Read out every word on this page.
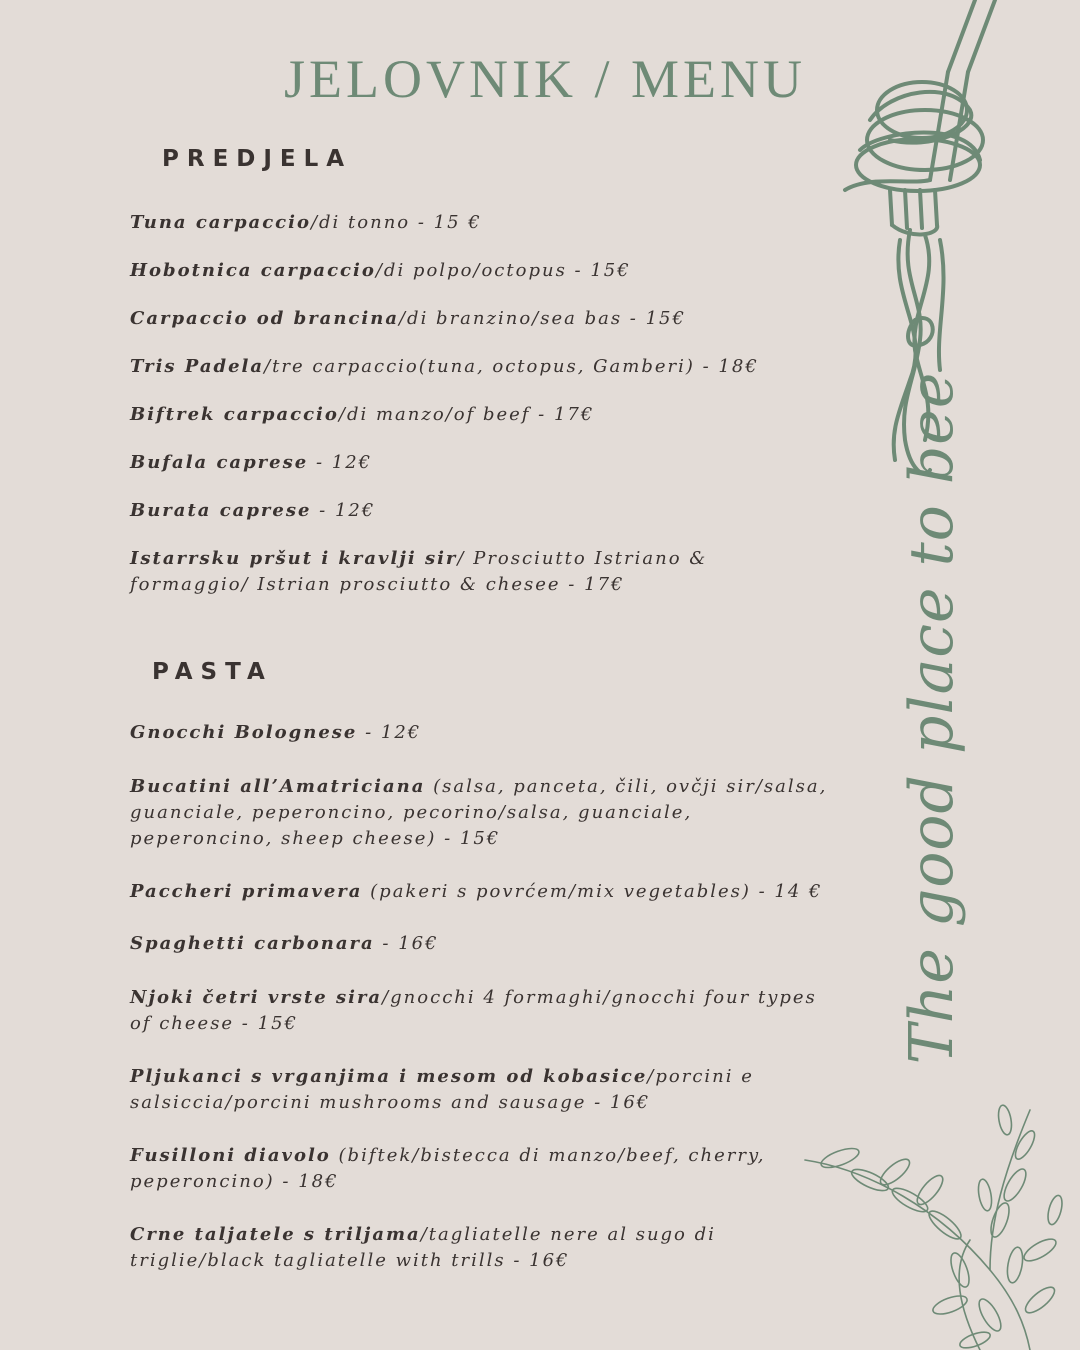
JELOVNIK / MENU
PREDJELA
Tuna carpaccio/di tonno - 15 €
Hobotnica carpaccio/di polpo/octopus - 15€
Carpaccio od brancina/di branzino/sea bas - 15€
Tris Padela/tre carpaccio(tuna, octopus, Gamberi) - 18€
Biftrek carpaccio/di manzo/of beef - 17€
Bufala caprese - 12€
Burata caprese - 12€
Istarrsku pršut i kravlji sir/ Prosciutto Istriano & formaggio/ Istrian prosciutto & chesee - 17€
PASTA
Gnocchi Bolognese - 12€
Bucatini all’Amatriciana (salsa, panceta, čili, ovčji sir/salsa, guanciale, peperoncino, pecorino/salsa, guanciale, peperoncino, sheep cheese) - 15€
Paccheri primavera (pakeri s povrćem/mix vegetables) - 14 €
Spaghetti carbonara - 16€
Njoki četri vrste sira/gnocchi 4 formaghi/gnocchi four types of cheese - 15€
Pljukanci s vrganjima i mesom od kobasice/porcini e salsiccia/porcini mushrooms and sausage - 16€
Fusilloni diavolo (biftek/bistecca di manzo/beef, cherry, peperoncino) - 18€
Crne taljatele s triljama/tagliatelle nere al sugo di triglie/black tagliatelle with trills - 16€
The good place to bee
